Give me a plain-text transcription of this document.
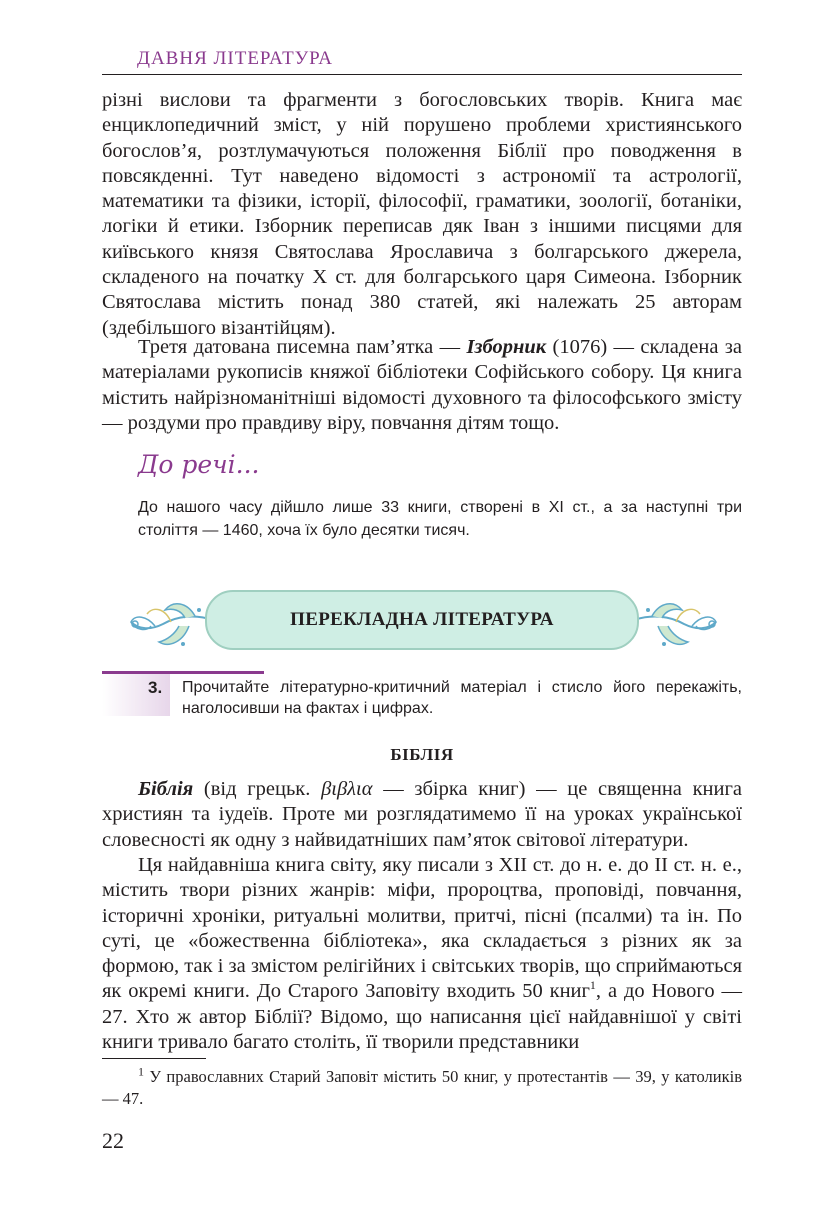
ДАВНЯ ЛІТЕРАТУРА

різні вислови та фрагменти з богословських творів. Книга має енциклопедичний зміст, у ній порушено проблеми християнського богослов’я, розтлумачуються положення Біблії про поводження в повсякденні. Тут наведено відомості з астрономії та астрології, математики та фізики, історії, філософії, граматики, зоології, ботаніки, логіки й етики. Ізборник переписав дяк Іван з іншими писцями для київського князя Святослава Ярославича з болгарського джерела, складеного на початку X ст. для болгарського царя Симеона. Ізборник Святослава містить понад 380 статей, які належать 25 авторам (здебільшого візантійцям).

Третя датована писемна пам’ятка — Ізборник (1076) — складена за матеріалами рукописів княжої бібліотеки Софійського собору. Ця книга містить найрізноманітніші відомості духовного та філософського змісту — роздуми про правдиву віру, повчання дітям тощо.

До речі...

До нашого часу дійшло лише 33 книги, створені в XI ст., а за наступні три століття — 1460, хоча їх було десятки тисяч.

ПЕРЕКЛАДНА ЛІТЕРАТУРА
3. Прочитайте літературно-критичний матеріал і стисло його перекажіть, наголосивши на фактах і цифрах.

БІБЛІЯ

Біблія (від грецьк. βιβλια — збірка книг) — це священна книга християн та іудеїв. Проте ми розглядатимемо її на уроках української словесності як одну з найвидатніших пам’яток світової літератури.

Ця найдавніша книга світу, яку писали з XII ст. до н. е. до II ст. н. е., містить твори різних жанрів: міфи, пророцтва, проповіді, повчання, історичні хроніки, ритуальні молитви, притчі, пісні (псалми) та ін. По суті, це «божественна бібліотека», яка складається з різних як за формою, так і за змістом релігійних і світських творів, що сприймаються як окремі книги. До Старого Заповіту входить 50 книг$^1$, а до Нового — 27. Хто ж автор Біблії? Відомо, що написання цієї найдавнішої у світі книги тривало багато століть, її творили представники

$^1$ У православних Старий Заповіт містить 50 книг, у протестантів — 39, у католиків — 47.

22
